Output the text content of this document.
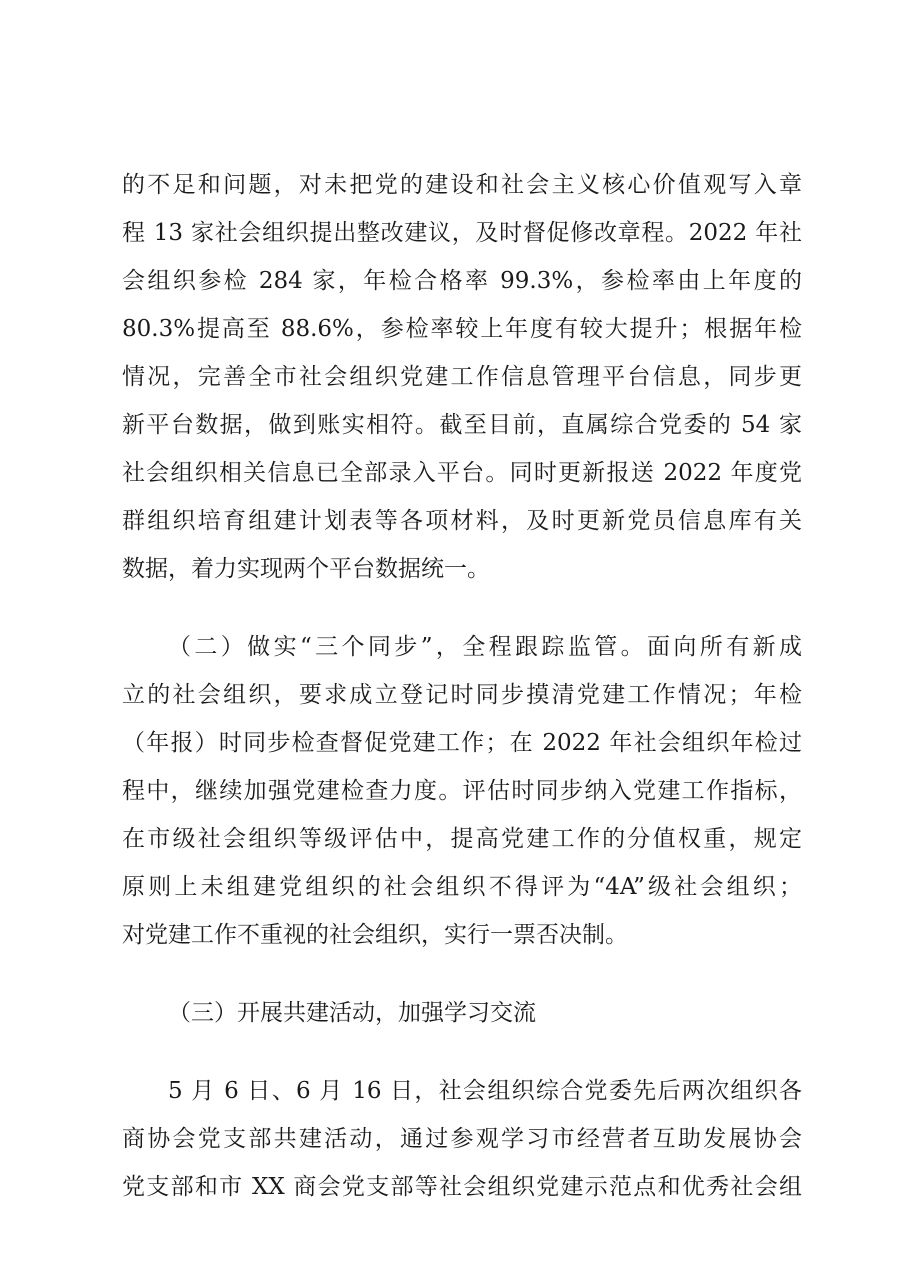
的不足和问题，对未把党的建设和社会主义核心价值观写入章
程 13 家社会组织提出整改建议，及时督促修改章程。2022 年社
会组织参检 284 家，年检合格率 99.3%，参检率由上年度的
80.3%提高至 88.6%，参检率较上年度有较大提升；根据年检
情况，完善全市社会组织党建工作信息管理平台信息，同步更
新平台数据，做到账实相符。截至目前，直属综合党委的 54 家
社会组织相关信息已全部录入平台。同时更新报送 2022 年度党
群组织培育组建计划表等各项材料，及时更新党员信息库有关
数据，着力实现两个平台数据统一。
（二）做实“三个同步”，全程跟踪监管。面向所有新成
立的社会组织，要求成立登记时同步摸清党建工作情况；年检
（年报）时同步检查督促党建工作；在 2022 年社会组织年检过
程中，继续加强党建检查力度。评估时同步纳入党建工作指标，
在市级社会组织等级评估中，提高党建工作的分值权重，规定
原则上未组建党组织的社会组织不得评为“4A”级社会组织；
对党建工作不重视的社会组织，实行一票否决制。
（三）开展共建活动，加强学习交流
5 月 6 日、6 月 16 日，社会组织综合党委先后两次组织各
商协会党支部共建活动，通过参观学习市经营者互助发展协会
党支部和市 XX 商会党支部等社会组织党建示范点和优秀社会组
